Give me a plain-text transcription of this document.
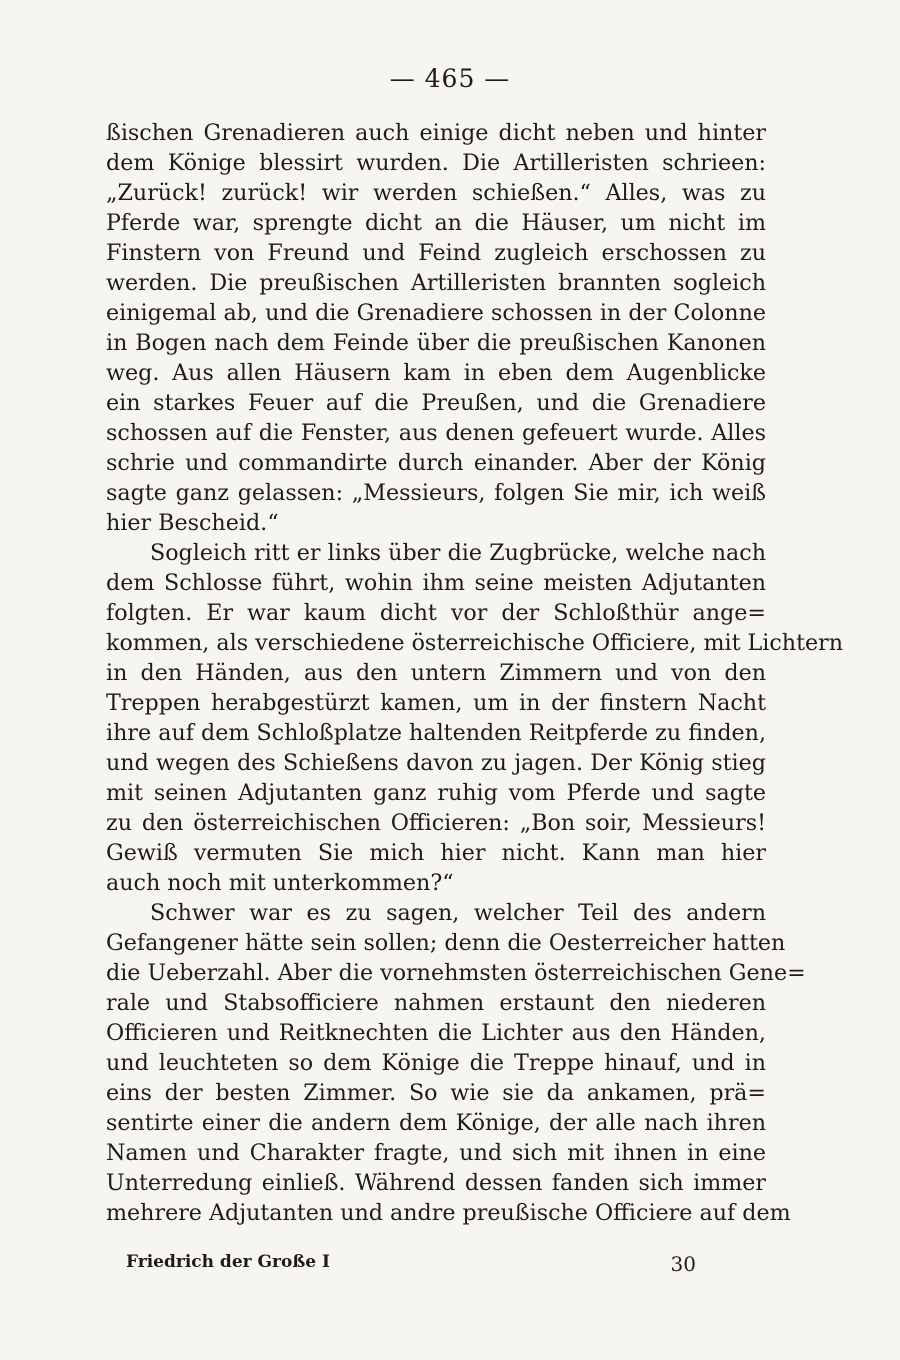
— 465 —
ßischen Grenadieren auch einige dicht neben und hinter
dem Könige blessirt wurden. Die Artilleristen schrieen:
„Zurück! zurück! wir werden schießen.“ Alles, was zu
Pferde war, sprengte dicht an die Häuser, um nicht im
Finstern von Freund und Feind zugleich erschossen zu
werden. Die preußischen Artilleristen brannten sogleich
einigemal ab, und die Grenadiere schossen in der Colonne
in Bogen nach dem Feinde über die preußischen Kanonen
weg. Aus allen Häusern kam in eben dem Augenblicke
ein starkes Feuer auf die Preußen, und die Grenadiere
schossen auf die Fenster, aus denen gefeuert wurde. Alles
schrie und commandirte durch einander. Aber der König
sagte ganz gelassen: „Messieurs, folgen Sie mir, ich weiß
hier Bescheid.“
Sogleich ritt er links über die Zugbrücke, welche nach
dem Schlosse führt, wohin ihm seine meisten Adjutanten
folgten. Er war kaum dicht vor der Schloßthür ange=
kommen, als verschiedene österreichische Officiere, mit Lichtern
in den Händen, aus den untern Zimmern und von den
Treppen herabgestürzt kamen, um in der finstern Nacht
ihre auf dem Schloßplatze haltenden Reitpferde zu finden,
und wegen des Schießens davon zu jagen. Der König stieg
mit seinen Adjutanten ganz ruhig vom Pferde und sagte
zu den österreichischen Officieren: „Bon soir, Messieurs!
Gewiß vermuten Sie mich hier nicht. Kann man hier
auch noch mit unterkommen?“
Schwer war es zu sagen, welcher Teil des andern
Gefangener hätte sein sollen; denn die Oesterreicher hatten
die Ueberzahl. Aber die vornehmsten österreichischen Gene=
rale und Stabsofficiere nahmen erstaunt den niederen
Officieren und Reitknechten die Lichter aus den Händen,
und leuchteten so dem Könige die Treppe hinauf, und in
eins der besten Zimmer. So wie sie da ankamen, prä=
sentirte einer die andern dem Könige, der alle nach ihren
Namen und Charakter fragte, und sich mit ihnen in eine
Unterredung einließ. Während dessen fanden sich immer
mehrere Adjutanten und andre preußische Officiere auf dem
Friedrich der Große I	30
